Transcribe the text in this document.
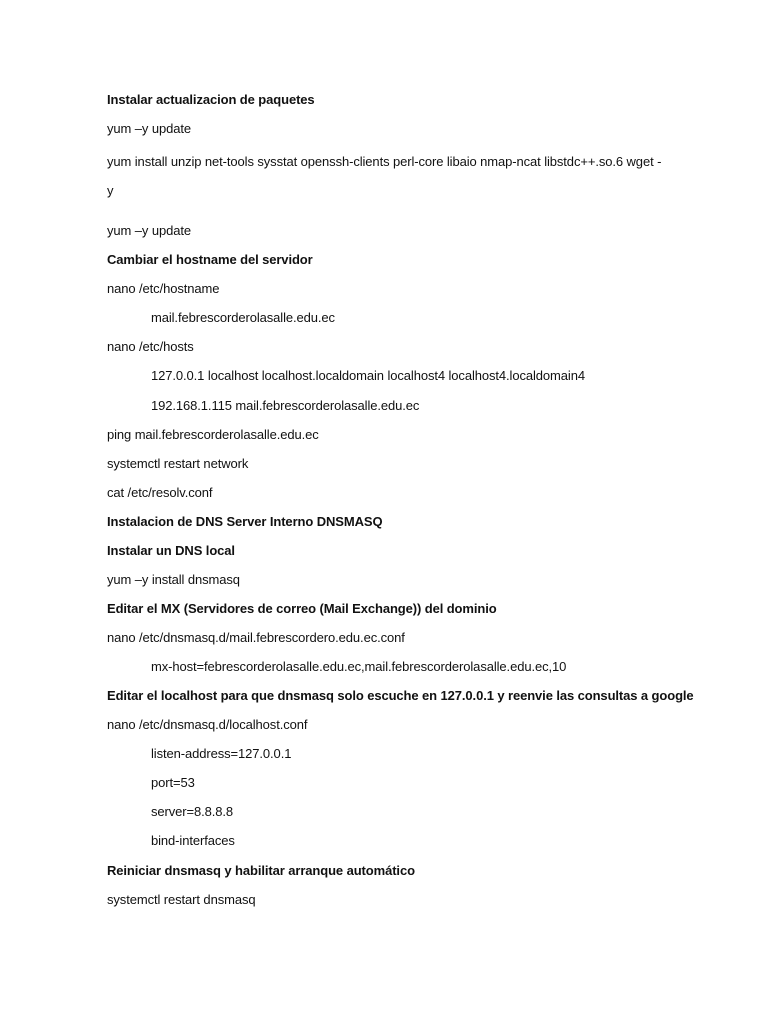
Instalar actualizacion de paquetes
yum –y update
yum install unzip net-tools sysstat openssh-clients perl-core libaio nmap-ncat libstdc++.so.6 wget -y
yum –y update
Cambiar el hostname del servidor
nano /etc/hostname
mail.febrescorderolasalle.edu.ec
nano /etc/hosts
127.0.0.1 localhost localhost.localdomain localhost4 localhost4.localdomain4
192.168.1.115 mail.febrescorderolasalle.edu.ec
ping mail.febrescorderolasalle.edu.ec
systemctl restart network
cat /etc/resolv.conf
Instalacion de DNS Server Interno DNSMASQ
Instalar un DNS local
yum –y install dnsmasq
Editar el MX (Servidores de correo (Mail Exchange)) del dominio
nano /etc/dnsmasq.d/mail.febrescordero.edu.ec.conf
mx-host=febrescorderolasalle.edu.ec,mail.febrescorderolasalle.edu.ec,10
Editar el localhost para que dnsmasq solo escuche en 127.0.0.1 y reenvie las consultas a google
nano /etc/dnsmasq.d/localhost.conf
listen-address=127.0.0.1
port=53
server=8.8.8.8
bind-interfaces
Reiniciar dnsmasq y habilitar arranque automático
systemctl restart dnsmasq
